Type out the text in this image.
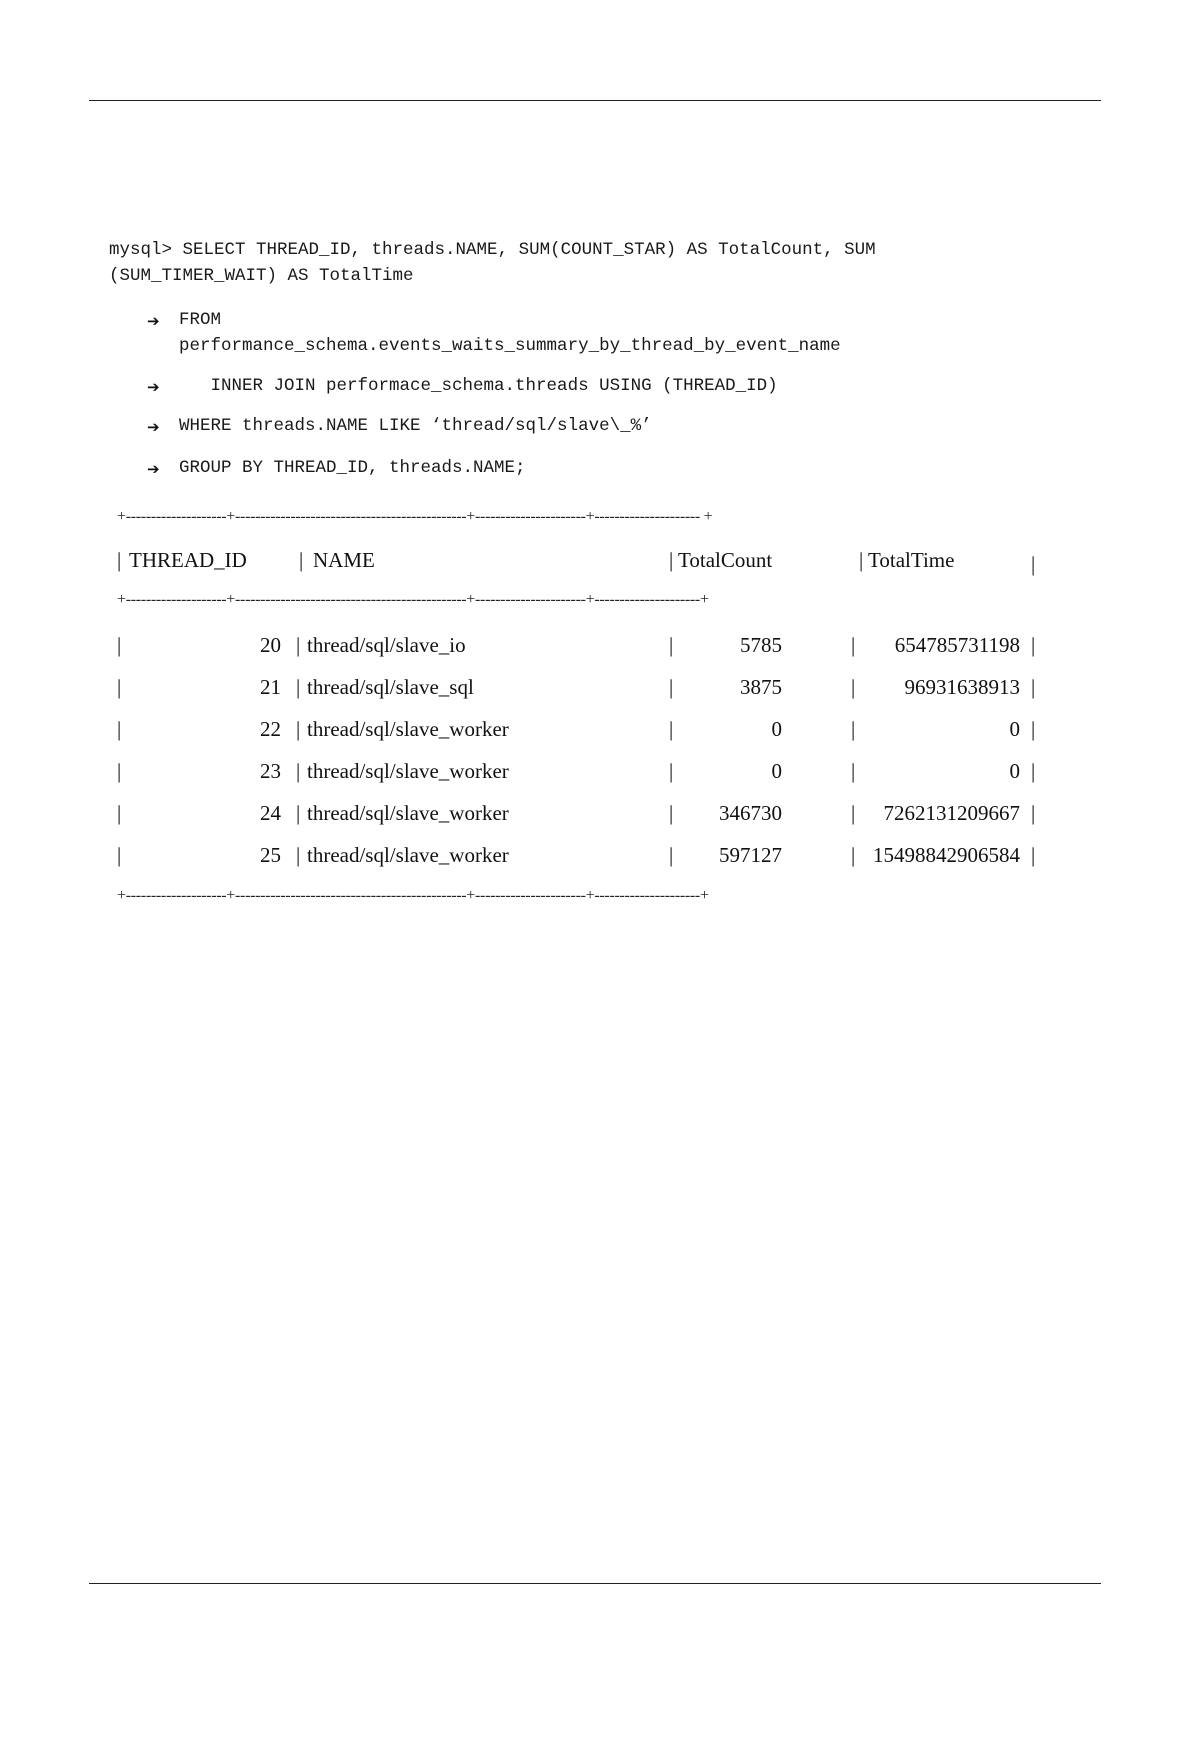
mysql> SELECT THREAD_ID, threads.NAME, SUM(COUNT_STAR) AS TotalCount, SUM
(SUM_TIMER_WAIT) AS TotalTime
➔ FROM
performance_schema.events_waits_summary_by_thread_by_event_name
➔ INNER JOIN performace_schema.threads USING (THREAD_ID)
➔ WHERE threads.NAME LIKE ‘thread/sql/slave\_%’
➔ GROUP BY THREAD_ID, threads.NAME;
+--------------------+----------------------------------------------+----------------------+--------------------- +

|

THREAD_ID

|

NAME

	|

TotalCount

	|

TotalTime

	|

+--------------------+----------------------------------------------+----------------------+---------------------+

|

	20

|

thread/sql/slave_io

	|

	5785

	|

	654785731198

|

|

	21

|

thread/sql/slave_sql

	|

	3875

	|

	96931638913

|

|

	22

|

thread/sql/slave_worker

	|

	0

	|

	0

|

|

	23

|

thread/sql/slave_worker

	|

	0

	|

	0

|

|

	24

|

thread/sql/slave_worker

	|

	346730

	|

	7262131209667

|

|

	25

|

thread/sql/slave_worker

	|

	597127

	|

15498842906584

|

+--------------------+----------------------------------------------+----------------------+---------------------+
